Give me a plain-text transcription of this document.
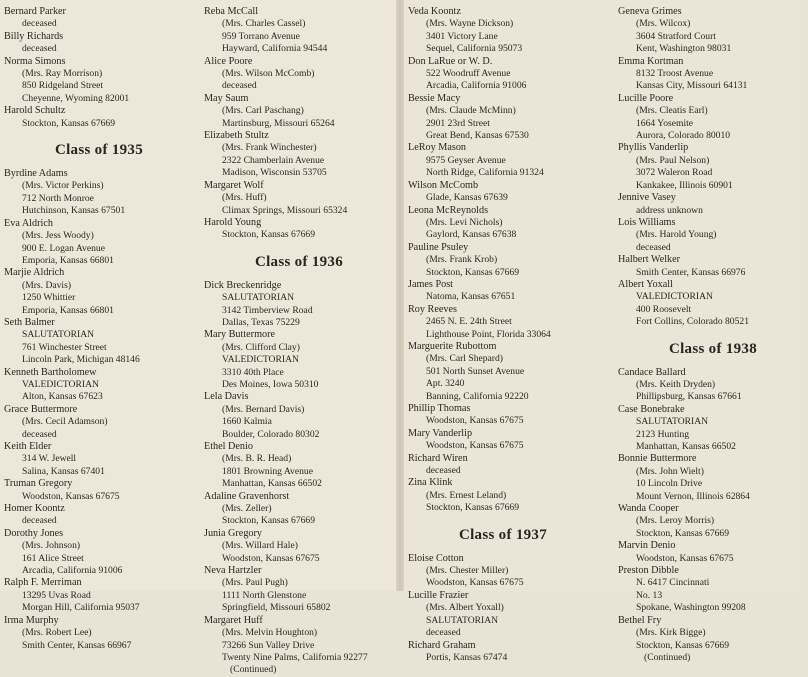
Bernard Parker
deceased
Billy Richards
deceased
Norma Simons
(Mrs. Ray Morrison)
850 Ridgeland Street
Cheyenne, Wyoming 82001
Harold Schultz
Stockton, Kansas 67669
Class of 1935
Byrdine Adams
(Mrs. Victor Perkins)
712 North Monroe
Hutchinson, Kansas 67501
Eva Aldrich
(Mrs. Jess Woody)
900 E. Logan Avenue
Emporia, Kansas 66801
Marjie Aldrich
(Mrs. Davis)
1250 Whittier
Emporia, Kansas 66801
Seth Balmer
SALUTATORIAN
761 Winchester Street
Lincoln Park, Michigan 48146
Kenneth Bartholomew
VALEDICTORIAN
Alton, Kansas 67623
Grace Buttermore
(Mrs. Cecil Adamson)
deceased
Keith Elder
314 W. Jewell
Salina, Kansas 67401
Truman Gregory
Woodston, Kansas 67675
Homer Koontz
deceased
Dorothy Jones
(Mrs. Johnson)
161 Alice Street
Arcadia, California 91006
Ralph F. Merriman
13295 Uvas Road
Morgan Hill, California 95037
Irma Murphy
(Mrs. Robert Lee)
Smith Center, Kansas 66967
Reba McCall
(Mrs. Charles Cassel)
959 Torrano Avenue
Hayward, California 94544
Alice Poore
(Mrs. Wilson McComb)
deceased
May Saum
(Mrs. Carl Paschang)
Martinsburg, Missouri 65264
Elizabeth Stultz
(Mrs. Frank Winchester)
2322 Chamberlain Avenue
Madison, Wisconsin 53705
Margaret Wolf
(Mrs. Huff)
Climax Springs, Missouri 65324
Harold Young
Stockton, Kansas 67669
Class of 1936
Dick Breckenridge
SALUTATORIAN
3142 Timberview Road
Dallas, Texas 75229
Mary Buttermore
(Mrs. Clifford Clay)
VALEDICTORIAN
3310 40th Place
Des Moines, Iowa 50310
Lela Davis
(Mrs. Bernard Davis)
1660 Kalmia
Boulder, Colorado 80302
Ethel Denio
(Mrs. B. R. Head)
1801 Browning Avenue
Manhattan, Kansas 66502
Adaline Gravenhorst
(Mrs. Zeller)
Stockton, Kansas 67669
Junia Gregory
(Mrs. Willard Hale)
Woodston, Kansas 67675
Neva Hartzler
(Mrs. Paul Pugh)
1111 North Glenstone
Springfield, Missouri 65802
Margaret Huff
(Mrs. Melvin Houghton)
73266 Sun Valley Drive
Twenty Nine Palms, California 92277
(Continued)
Veda Koontz
(Mrs. Wayne Dickson)
3401 Victory Lane
Sequel, California 95073
Don LaRue or W. D.
522 Woodruff Avenue
Arcadia, California 91006
Bessie Macy
(Mrs. Claude McMinn)
2901 23rd Street
Great Bend, Kansas 67530
LeRoy Mason
9575 Geyser Avenue
North Ridge, California 91324
Wilson McComb
Glade, Kansas 67639
Leona McReynolds
(Mrs. Levi Nichols)
Gaylord, Kansas 67638
Pauline Psuley
(Mrs. Frank Krob)
Stockton, Kansas 67669
James Post
Natoma, Kansas 67651
Roy Reeves
2465 N. E. 24th Street
Lighthouse Point, Florida 33064
Marguerite Rubottom
(Mrs. Carl Shepard)
501 North Sunset Avenue
Apt. 3240
Banning, California 92220
Phillip Thomas
Woodston, Kansas 67675
Mary Vanderlip
Woodston, Kansas 67675
Richard Wiren
deceased
Zina Klink
(Mrs. Ernest Leland)
Stockton, Kansas 67669
Class of 1937
Eloise Cotton
(Mrs. Chester Miller)
Woodston, Kansas 67675
Lucille Frazier
(Mrs. Albert Yoxall)
SALUTATORIAN
deceased
Richard Graham
Portis, Kansas 67474
Geneva Grimes
(Mrs. Wilcox)
3604 Stratford Court
Kent, Washington 98031
Emma Kortman
8132 Troost Avenue
Kansas City, Missouri 64131
Lucille Poore
(Mrs. Cleatis Earl)
1664 Yosemite
Aurora, Colorado 80010
Phyllis Vanderlip
(Mrs. Paul Nelson)
3072 Waleron Road
Kankakee, Illinois 60901
Jennive Vasey
address unknown
Lois Williams
(Mrs. Harold Young)
deceased
Halbert Welker
Smith Center, Kansas 66976
Albert Yoxall
VALEDICTORIAN
400 Roosevelt
Fort Collins, Colorado 80521
Class of 1938
Candace Ballard
(Mrs. Keith Dryden)
Phillipsburg, Kansas 67661
Case Bonebrake
SALUTATORIAN
2123 Hunting
Manhattan, Kansas 66502
Bonnie Buttermore
(Mrs. John Wielt)
10 Lincoln Drive
Mount Vernon, Illinois 62864
Wanda Cooper
(Mrs. Leroy Morris)
Stockton, Kansas 67669
Marvin Denio
Woodston, Kansas 67675
Preston Dibble
N. 6417 Cincinnati
No. 13
Spokane, Washington 99208
Bethel Fry
(Mrs. Kirk Bigge)
Stockton, Kansas 67669
(Continued)
